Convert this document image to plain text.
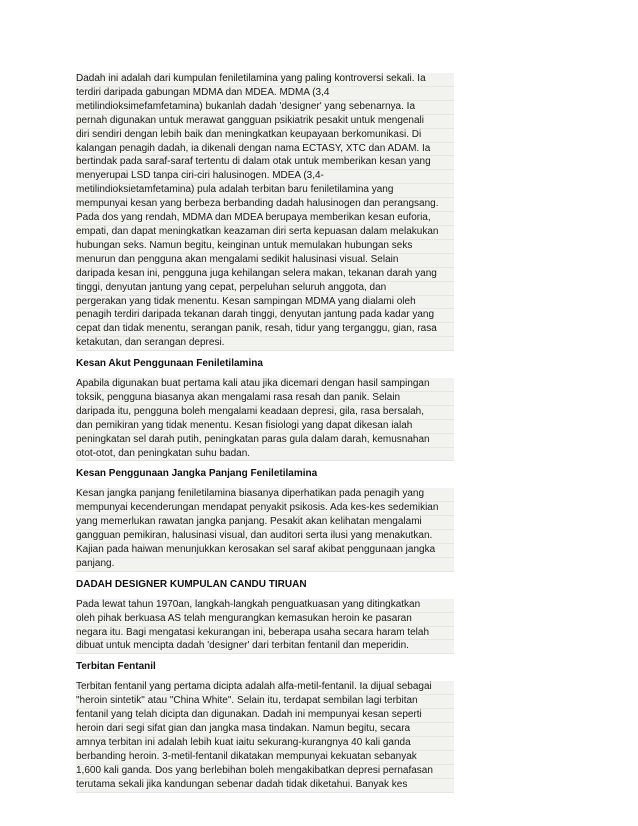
Dadah ini adalah dari kumpulan feniletilamina yang paling kontroversi sekali. Ia
terdiri daripada gabungan MDMA dan MDEA. MDMA (3,4
metilindioksimefamfetamina) bukanlah dadah 'designer' yang sebenarnya. Ia
pernah digunakan untuk merawat gangguan psikiatrik pesakit untuk mengenali
diri sendiri dengan lebih baik dan meningkatkan keupayaan berkomunikasi. Di
kalangan penagih dadah, ia dikenali dengan nama ECTASY, XTC dan ADAM. Ia
bertindak pada saraf-saraf tertentu di dalam otak untuk memberikan kesan yang
menyerupai LSD tanpa ciri-ciri halusinogen. MDEA (3,4-
metilindioksietamfetamina) pula adalah terbitan baru feniletilamina yang
mempunyai kesan yang berbeza berbanding dadah halusinogen dan perangsang.
Pada dos yang rendah, MDMA dan MDEA berupaya memberikan kesan euforia,
empati, dan dapat meningkatkan keazaman diri serta kepuasan dalam melakukan
hubungan seks. Namun begitu, keinginan untuk memulakan hubungan seks
menurun dan pengguna akan mengalami sedikit halusinasi visual. Selain
daripada kesan ini, pengguna juga kehilangan selera makan, tekanan darah yang
tinggi, denyutan jantung yang cepat, perpeluhan seluruh anggota, dan
pergerakan yang tidak menentu. Kesan sampingan MDMA yang dialami oleh
penagih terdiri daripada tekanan darah tinggi, denyutan jantung pada kadar yang
cepat dan tidak menentu, serangan panik, resah, tidur yang terganggu, gian, rasa
ketakutan, dan serangan depresi.
Kesan Akut Penggunaan Feniletilamina
Apabila digunakan buat pertama kali atau jika dicemari dengan hasil sampingan
toksik, pengguna biasanya akan mengalami rasa resah dan panik. Selain
daripada itu, pengguna boleh mengalami keadaan depresi, gila, rasa bersalah,
dan pemikiran yang tidak menentu. Kesan fisiologi yang dapat dikesan ialah
peningkatan sel darah putih, peningkatan paras gula dalam darah, kemusnahan
otot-otot, dan peningkatan suhu badan.
Kesan Penggunaan Jangka Panjang Feniletilamina
Kesan jangka panjang feniletilamina biasanya diperhatikan pada penagih yang
mempunyai kecenderungan mendapat penyakit psikosis. Ada kes-kes sedemikian
yang memerlukan rawatan jangka panjang. Pesakit akan kelihatan mengalami
gangguan pemikiran, halusinasi visual, dan auditori serta ilusi yang menakutkan.
Kajian pada haiwan menunjukkan kerosakan sel saraf akibat penggunaan jangka
panjang.
DADAH DESIGNER KUMPULAN CANDU TIRUAN
Pada lewat tahun 1970an, langkah-langkah penguatkuasan yang ditingkatkan
oleh pihak berkuasa AS telah mengurangkan kemasukan heroin ke pasaran
negara itu. Bagi mengatasi kekurangan ini, beberapa usaha secara haram telah
dibuat untuk mencipta dadah 'designer' dari terbitan fentanil dan meperidin.
Terbitan Fentanil
Terbitan fentanil yang pertama dicipta adalah alfa-metil-fentanil. Ia dijual sebagai
"heroin sintetik" atau "China White". Selain itu, terdapat sembilan lagi terbitan
fentanil yang telah dicipta dan digunakan. Dadah ini mempunyai kesan seperti
heroin dari segi sifat gian dan jangka masa tindakan. Namun begitu, secara
amnya terbitan ini adalah lebih kuat iaitu sekurang-kurangnya 40 kali ganda
berbanding heroin. 3-metil-fentanil dikatakan mempunyai kekuatan sebanyak
1,600 kali ganda. Dos yang berlebihan boleh mengakibatkan depresi pernafasan
terutama sekali jika kandungan sebenar dadah tidak diketahui. Banyak kes
